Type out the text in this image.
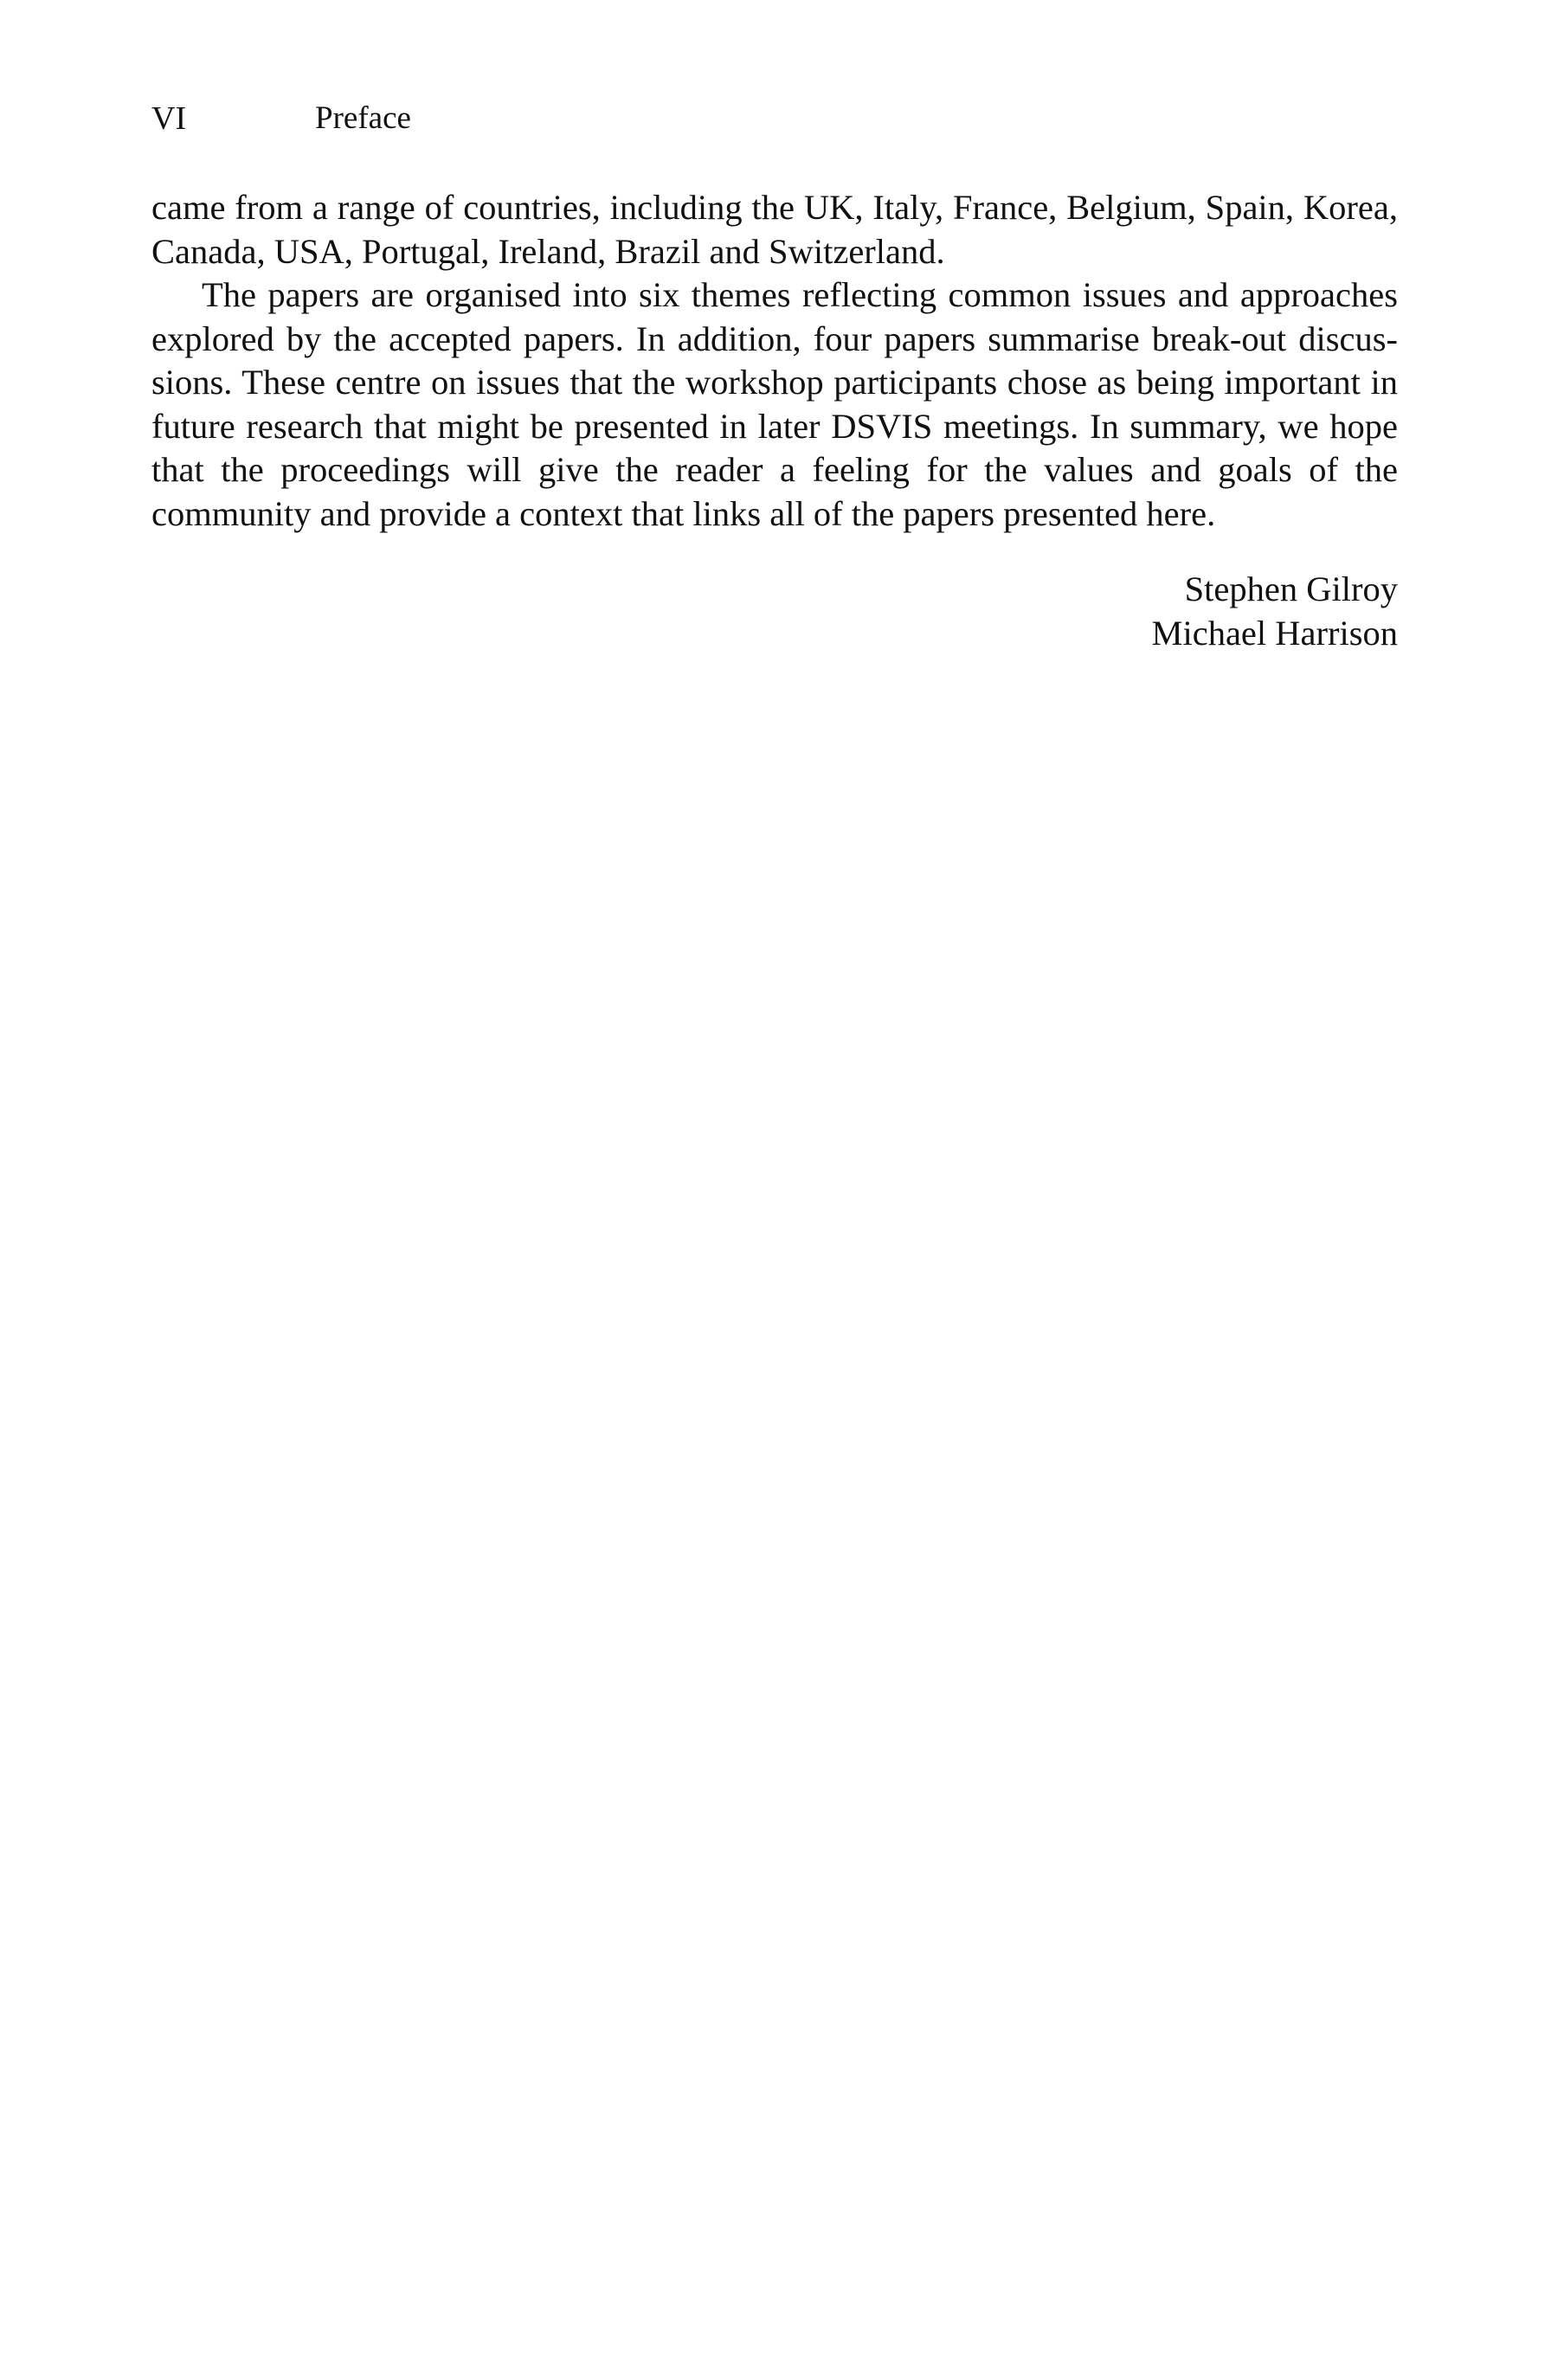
VI	Preface

came from a range of countries, including the UK, Italy, France, Belgium, Spain, Korea, Canada, USA, Portugal, Ireland, Brazil and Switzerland.

The papers are organised into six themes reflecting common issues and approaches explored by the accepted papers. In addition, four papers summarise break-out discussions. These centre on issues that the workshop participants chose as being important in future research that might be presented in later DSVIS meetings. In summary, we hope that the proceedings will give the reader a feeling for the values and goals of the community and provide a context that links all of the papers presented here.

Stephen Gilroy
Michael Harrison
